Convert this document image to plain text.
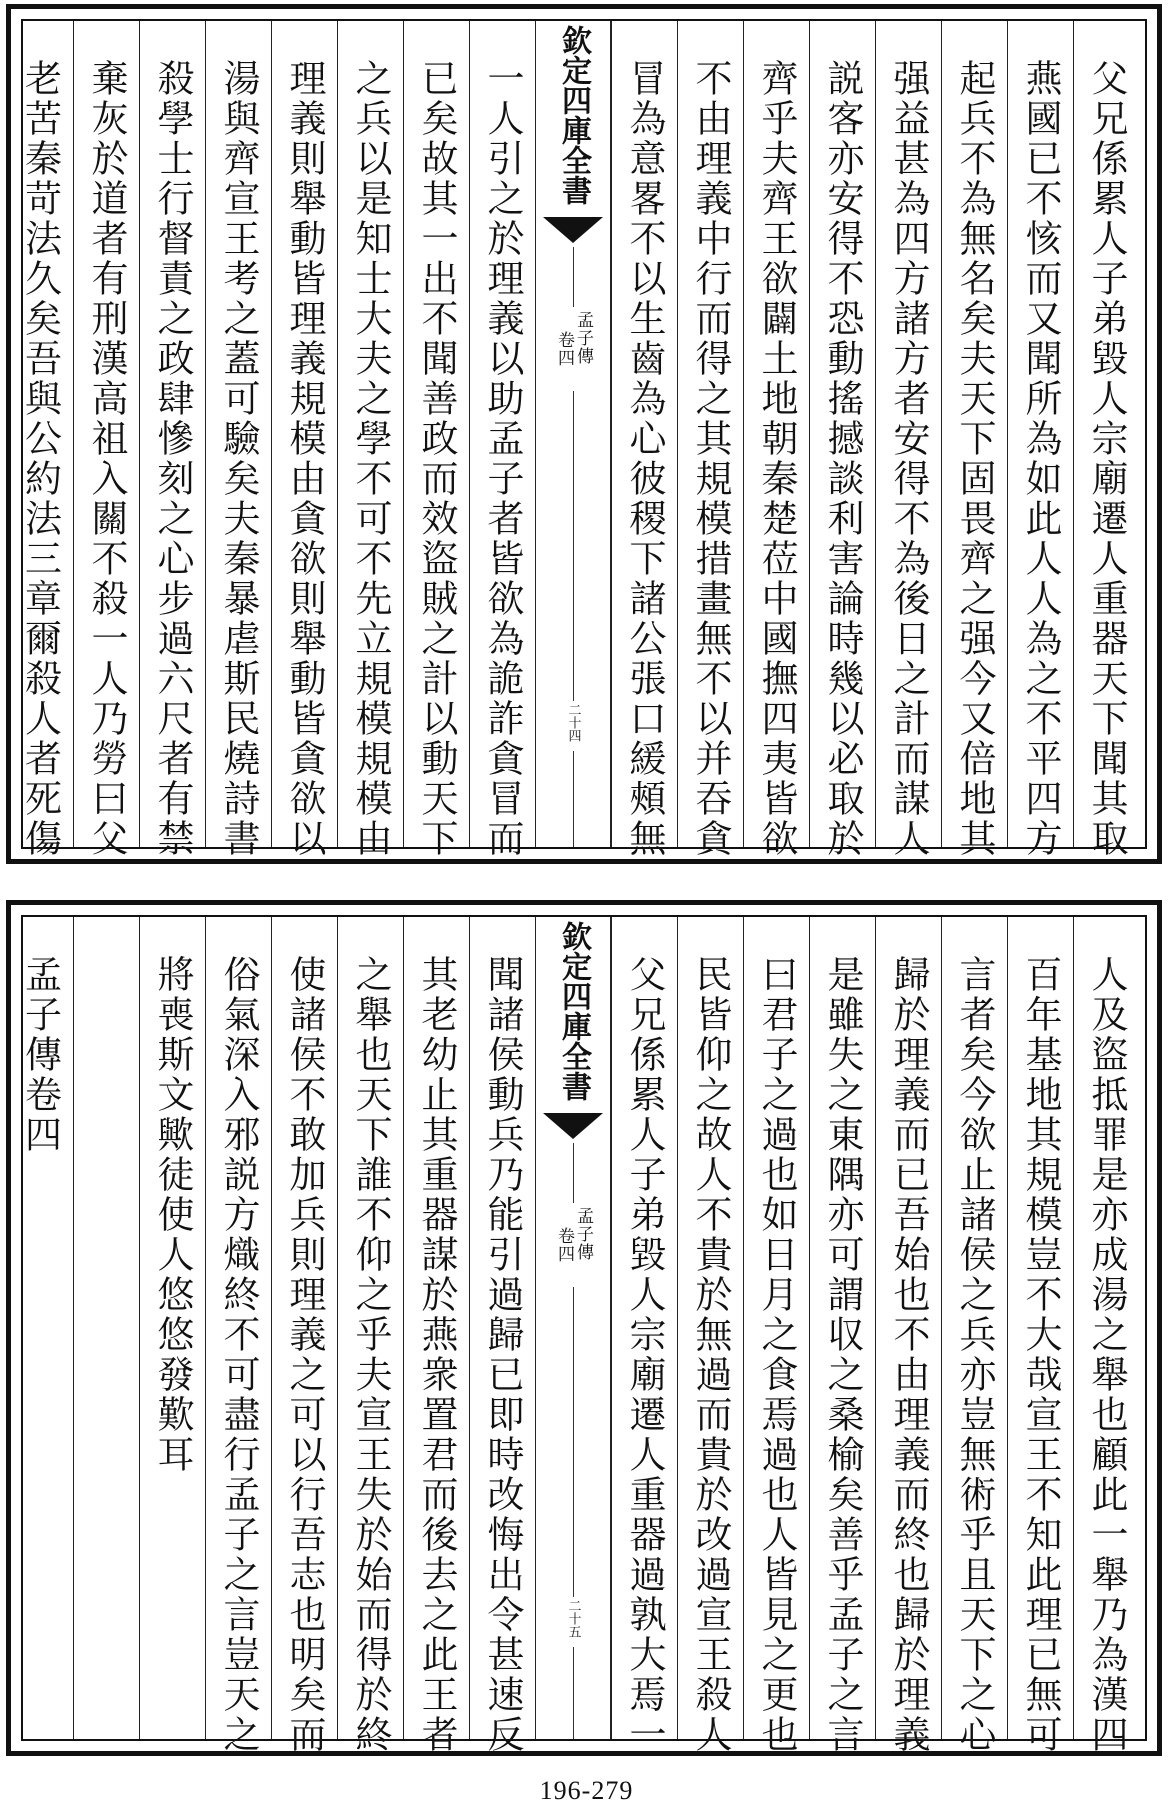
父兄係累人子弟毀人宗廟遷人重器天下聞其取
燕國已不㤥而又聞所為如此人人為之不平四方
起兵不為無名矣夫天下固畏齊之强今又倍地其
强益甚為四方諸方者安得不為後日之計而謀人
説客亦安得不恐動搖撼談利害論時幾以必取於
齊乎夫齊王欲闢土地朝秦楚莅中國撫四夷皆欲
不由理義中行而得之其規模措畫無不以并吞貪
冒為意畧不以生齒為心彼稷下諸公張口緩頰無
欽定四庫全書
孟子傳
卷四
二十四
一人引之於理義以助孟子者皆欲為詭詐貪冒而
已矣故其一出不聞善政而效盜賊之計以動天下
之兵以是知士大夫之學不可不先立規模規模由
理義則舉動皆理義規模由貪欲則舉動皆貪欲以
湯與齊宣王考之蓋可驗矣夫秦暴虐斯民燒詩書
殺學士行督責之政肆慘刻之心步過六尺者有禁
棄灰於道者有刑漢高祖入關不殺一人乃勞曰父
老苦秦苛法久矣吾與公約法三章爾殺人者死傷
人及盜抵罪是亦成湯之舉也顧此一舉乃為漢四
百年基地其規模豈不大哉宣王不知此理已無可
言者矣今欲止諸侯之兵亦豈無術乎且天下之心
歸於理義而已吾始也不由理義而終也歸於理義
是雖失之東隅亦可謂収之桑榆矣善乎孟子之言
曰君子之過也如日月之食焉過也人皆見之更也
民皆仰之故人不貴於無過而貴於改過宣王殺人
父兄係累人子弟毀人宗廟遷人重器過孰大焉一
欽定四庫全書
孟子傳
卷四
二十五
聞諸侯動兵乃能引過歸已即時改悔出令甚速反
其老幼止其重器謀於燕衆置君而後去之此王者
之舉也天下誰不仰之乎夫宣王失於始而得於終
使諸侯不敢加兵則理義之可以行吾志也明矣而
俗氣深入邪説方熾終不可盡行孟子之言豈天之
將喪斯文歟徒使人悠悠發歎耳
孟子傳卷四
196-279
